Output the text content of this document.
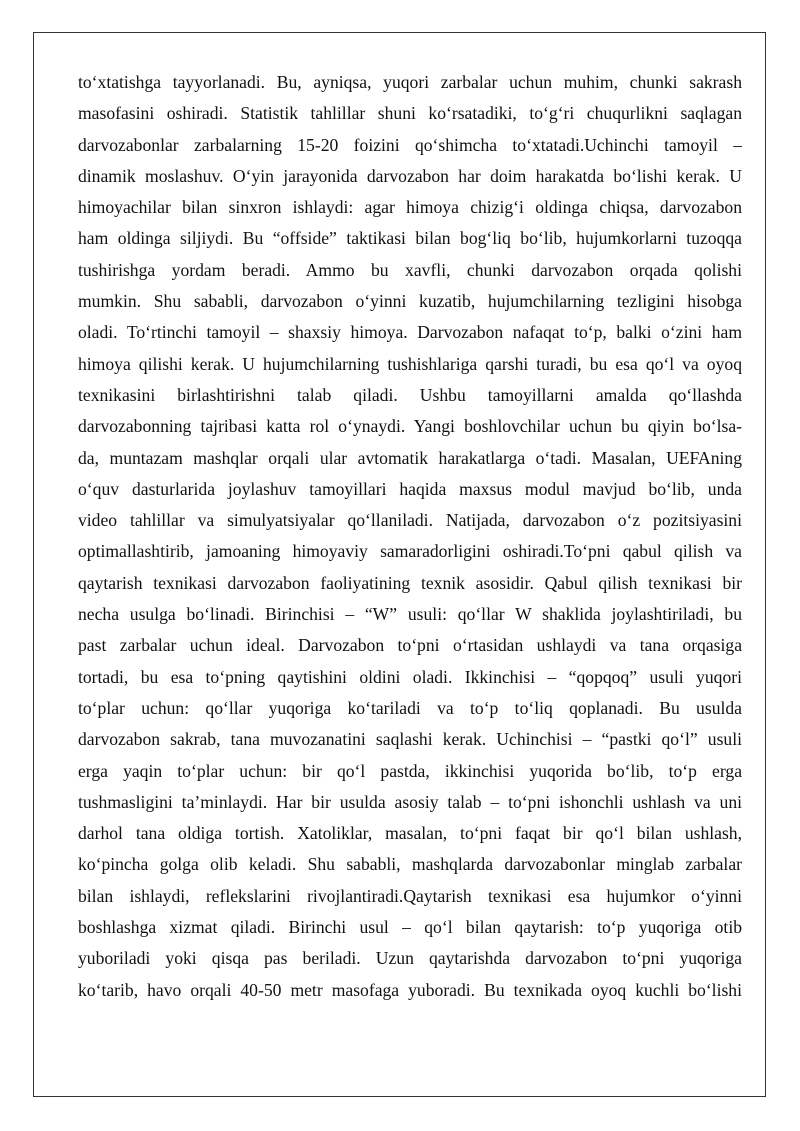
to‘xtatishga tayyorlanadi. Bu, ayniqsa, yuqori zarbalar uchun muhim, chunki sakrash
masofasini oshiradi. Statistik tahlillar shuni ko‘rsatadiki, to‘g‘ri chuqurlikni saqlagan
darvozabonlar zarbalarning 15-20 foizini qo‘shimcha to‘xtatadi.Uchinchi tamoyil –
dinamik moslashuv. O‘yin jarayonida darvozabon har doim harakatda bo‘lishi kerak. U
himoyachilar bilan sinxron ishlaydi: agar himoya chizig‘i oldinga chiqsa, darvozabon
ham oldinga siljiydi. Bu “offside” taktikasi bilan bog‘liq bo‘lib, hujumkorlarni tuzoqqa
tushirishga yordam beradi. Ammo bu xavfli, chunki darvozabon orqada qolishi
mumkin. Shu sababli, darvozabon o‘yinni kuzatib, hujumchilarning tezligini hisobga
oladi. To‘rtinchi tamoyil – shaxsiy himoya. Darvozabon nafaqat to‘p, balki o‘zini ham
himoya qilishi kerak. U hujumchilarning tushishlariga qarshi turadi, bu esa qo‘l va oyoq
texnikasini birlashtirishni talab qiladi. Ushbu tamoyillarni amalda qo‘llashda
darvozabonning tajribasi katta rol o‘ynaydi. Yangi boshlovchilar uchun bu qiyin bo‘lsa-
da, muntazam mashqlar orqali ular avtomatik harakatlarga o‘tadi. Masalan, UEFAning
o‘quv dasturlarida joylashuv tamoyillari haqida maxsus modul mavjud bo‘lib, unda
video tahlillar va simulyatsiyalar qo‘llaniladi. Natijada, darvozabon o‘z pozitsiyasini
optimallashtirib, jamoaning himoyaviy samaradorligini oshiradi.To‘pni qabul qilish va
qaytarish texnikasi darvozabon faoliyatining texnik asosidir. Qabul qilish texnikasi bir
necha usulga bo‘linadi. Birinchisi – “W” usuli: qo‘llar W shaklida joylashtiriladi, bu
past zarbalar uchun ideal. Darvozabon to‘pni o‘rtasidan ushlaydi va tana orqasiga
tortadi, bu esa to‘pning qaytishini oldini oladi. Ikkinchisi – “qopqoq” usuli yuqori
to‘plar uchun: qo‘llar yuqoriga ko‘tariladi va to‘p to‘liq qoplanadi. Bu usulda
darvozabon sakrab, tana muvozanatini saqlashi kerak. Uchinchisi – “pastki qo‘l” usuli
erga yaqin to‘plar uchun: bir qo‘l pastda, ikkinchisi yuqorida bo‘lib, to‘p erga
tushmasligini ta’minlaydi. Har bir usulda asosiy talab – to‘pni ishonchli ushlash va uni
darhol tana oldiga tortish. Xatoliklar, masalan, to‘pni faqat bir qo‘l bilan ushlash,
ko‘pincha golga olib keladi. Shu sababli, mashqlarda darvozabonlar minglab zarbalar
bilan ishlaydi, reflekslarini rivojlantiradi.Qaytarish texnikasi esa hujumkor o‘yinni
boshlashga xizmat qiladi. Birinchi usul – qo‘l bilan qaytarish: to‘p yuqoriga otib
yuboriladi yoki qisqa pas beriladi. Uzun qaytarishda darvozabon to‘pni yuqoriga
ko‘tarib, havo orqali 40-50 metr masofaga yuboradi. Bu texnikada oyoq kuchli bo‘lishi
